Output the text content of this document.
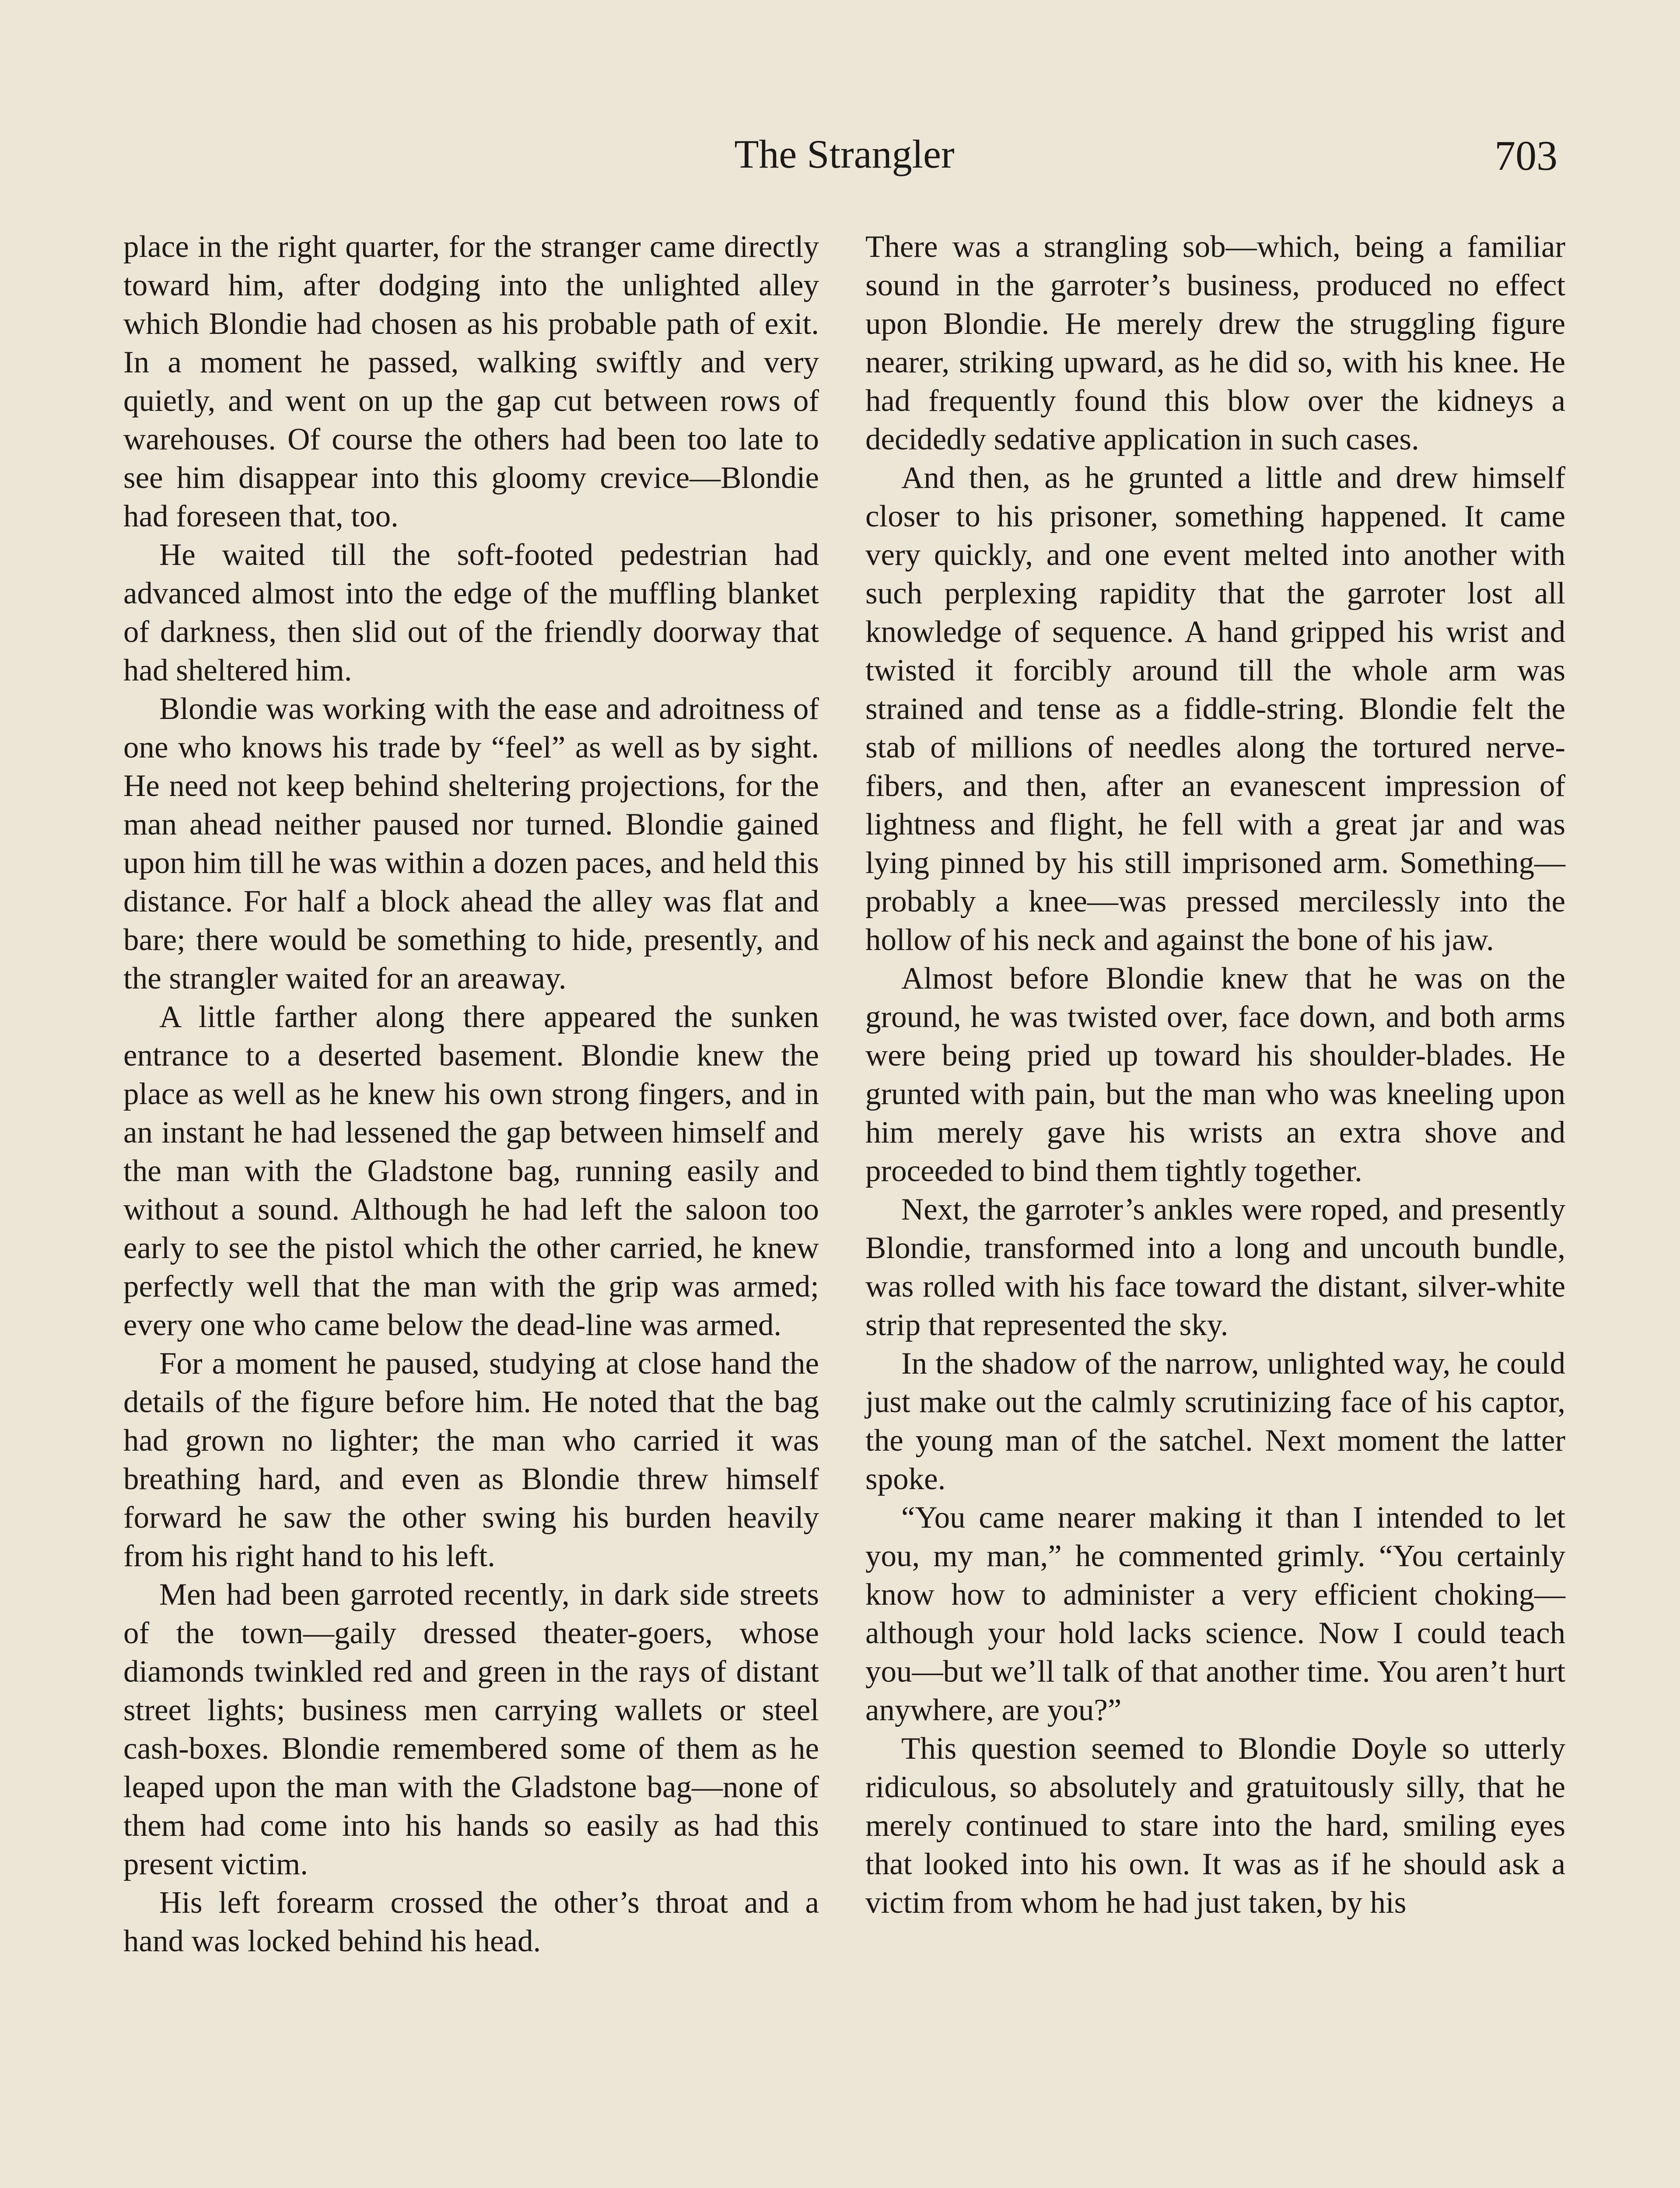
The Strangler	703

place in the right quarter, for the stranger came directly toward him, after dodging into the unlighted alley which Blondie had chosen as his probable path of exit. In a moment he passed, walking swiftly and very quietly, and went on up the gap cut between rows of warehouses. Of course the others had been too late to see him disappear into this gloomy crevice—Blondie had foreseen that, too.

He waited till the soft-footed pedestrian had advanced almost into the edge of the muffling blanket of darkness, then slid out of the friendly doorway that had sheltered him.

Blondie was working with the ease and adroitness of one who knows his trade by “feel” as well as by sight. He need not keep behind sheltering projections, for the man ahead neither paused nor turned. Blondie gained upon him till he was within a dozen paces, and held this distance. For half a block ahead the alley was flat and bare; there would be something to hide, presently, and the strangler waited for an areaway.

A little farther along there appeared the sunken entrance to a deserted basement. Blondie knew the place as well as he knew his own strong fingers, and in an instant he had lessened the gap between himself and the man with the Gladstone bag, running easily and without a sound. Although he had left the saloon too early to see the pistol which the other carried, he knew perfectly well that the man with the grip was armed; every one who came below the dead-line was armed.

For a moment he paused, studying at close hand the details of the figure before him. He noted that the bag had grown no lighter; the man who carried it was breathing hard, and even as Blondie threw himself forward he saw the other swing his burden heavily from his right hand to his left.

Men had been garroted recently, in dark side streets of the town—gaily dressed theater-goers, whose diamonds twinkled red and green in the rays of distant street lights; business men carrying wallets or steel cash-boxes. Blondie remembered some of them as he leaped upon the man with the Gladstone bag—none of them had come into his hands so easily as had this present victim.

His left forearm crossed the other’s throat and a hand was locked behind his head.

There was a strangling sob—which, being a familiar sound in the garroter’s business, produced no effect upon Blondie. He merely drew the struggling figure nearer, striking upward, as he did so, with his knee. He had frequently found this blow over the kidneys a decidedly sedative application in such cases.

And then, as he grunted a little and drew himself closer to his prisoner, something happened. It came very quickly, and one event melted into another with such perplexing rapidity that the garroter lost all knowledge of sequence. A hand gripped his wrist and twisted it forcibly around till the whole arm was strained and tense as a fiddle-string. Blondie felt the stab of millions of needles along the tortured nerve-fibers, and then, after an evanescent impression of lightness and flight, he fell with a great jar and was lying pinned by his still imprisoned arm. Something—probably a knee—was pressed mercilessly into the hollow of his neck and against the bone of his jaw.

Almost before Blondie knew that he was on the ground, he was twisted over, face down, and both arms were being pried up toward his shoulder-blades. He grunted with pain, but the man who was kneeling upon him merely gave his wrists an extra shove and proceeded to bind them tightly together.

Next, the garroter’s ankles were roped, and presently Blondie, transformed into a long and uncouth bundle, was rolled with his face toward the distant, silver-white strip that represented the sky.

In the shadow of the narrow, unlighted way, he could just make out the calmly scrutinizing face of his captor, the young man of the satchel. Next moment the latter spoke.

“You came nearer making it than I intended to let you, my man,” he commented grimly. “You certainly know how to administer a very efficient choking—although your hold lacks science. Now I could teach you—but we’ll talk of that another time. You aren’t hurt anywhere, are you?”

This question seemed to Blondie Doyle so utterly ridiculous, so absolutely and gratuitously silly, that he merely continued to stare into the hard, smiling eyes that looked into his own. It was as if he should ask a victim from whom he had just taken, by his
